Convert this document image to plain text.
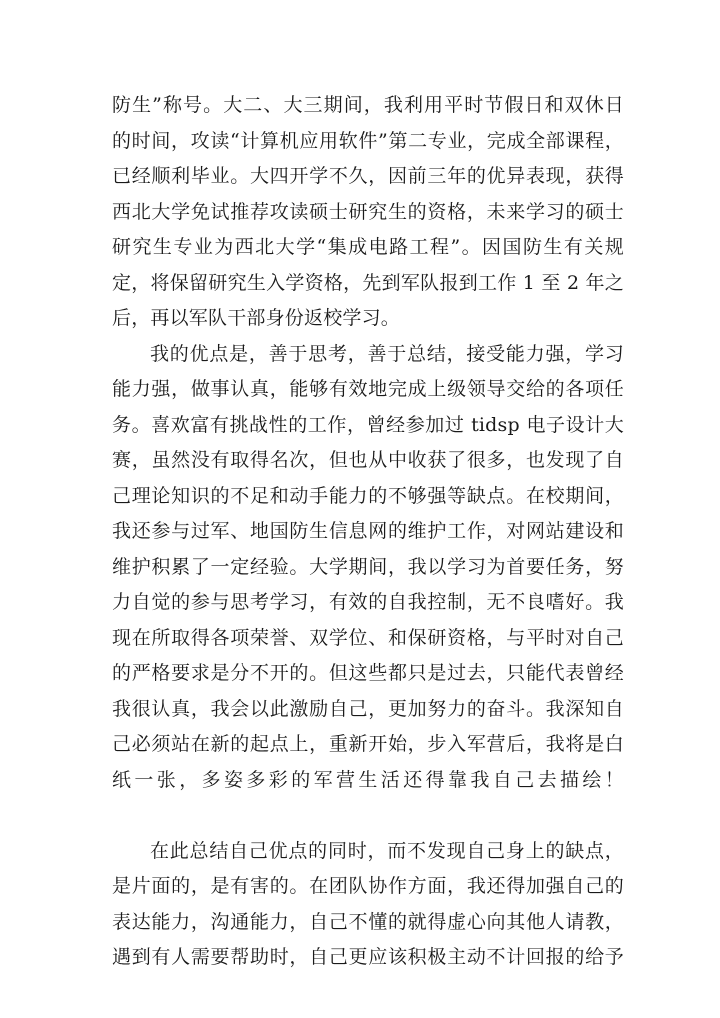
防生”称号。大二、大三期间，我利用平时节假日和双休日
的时间，攻读“计算机应用软件”第二专业，完成全部课程，
已经顺利毕业。大四开学不久，因前三年的优异表现，获得
西北大学免试推荐攻读硕士研究生的资格，未来学习的硕士
研究生专业为西北大学“集成电路工程”。因国防生有关规
定，将保留研究生入学资格，先到军队报到工作 1 至 2 年之
后，再以军队干部身份返校学习。
我的优点是，善于思考，善于总结，接受能力强，学习
能力强，做事认真，能够有效地完成上级领导交给的各项任
务。喜欢富有挑战性的工作，曾经参加过 tidsp 电子设计大
赛，虽然没有取得名次，但也从中收获了很多，也发现了自
己理论知识的不足和动手能力的不够强等缺点。在校期间，
我还参与过军、地国防生信息网的维护工作，对网站建设和
维护积累了一定经验。大学期间，我以学习为首要任务，努
力自觉的参与思考学习，有效的自我控制，无不良嗜好。我
现在所取得各项荣誉、双学位、和保研资格，与平时对自己
的严格要求是分不开的。但这些都只是过去，只能代表曾经
我很认真，我会以此激励自己，更加努力的奋斗。我深知自
己必须站在新的起点上，重新开始，步入军营后，我将是白
纸一张，多姿多彩的军营生活还得靠我自己去描绘！
在此总结自己优点的同时，而不发现自己身上的缺点，
是片面的，是有害的。在团队协作方面，我还得加强自己的
表达能力，沟通能力，自己不懂的就得虚心向其他人请教，
遇到有人需要帮助时，自己更应该积极主动不计回报的给予
